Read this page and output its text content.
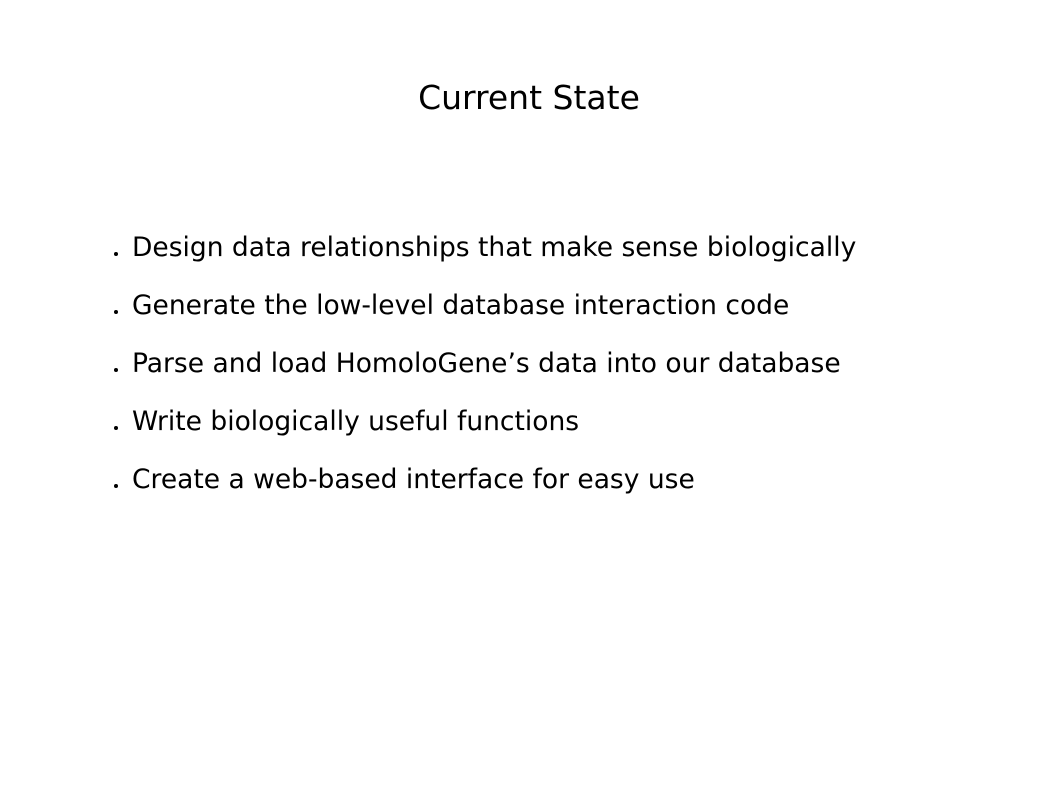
Current State
Design data relationships that make sense biologically
Generate the low-level database interaction code
Parse and load HomoloGene’s data into our database
Write biologically useful functions
Create a web-based interface for easy use
